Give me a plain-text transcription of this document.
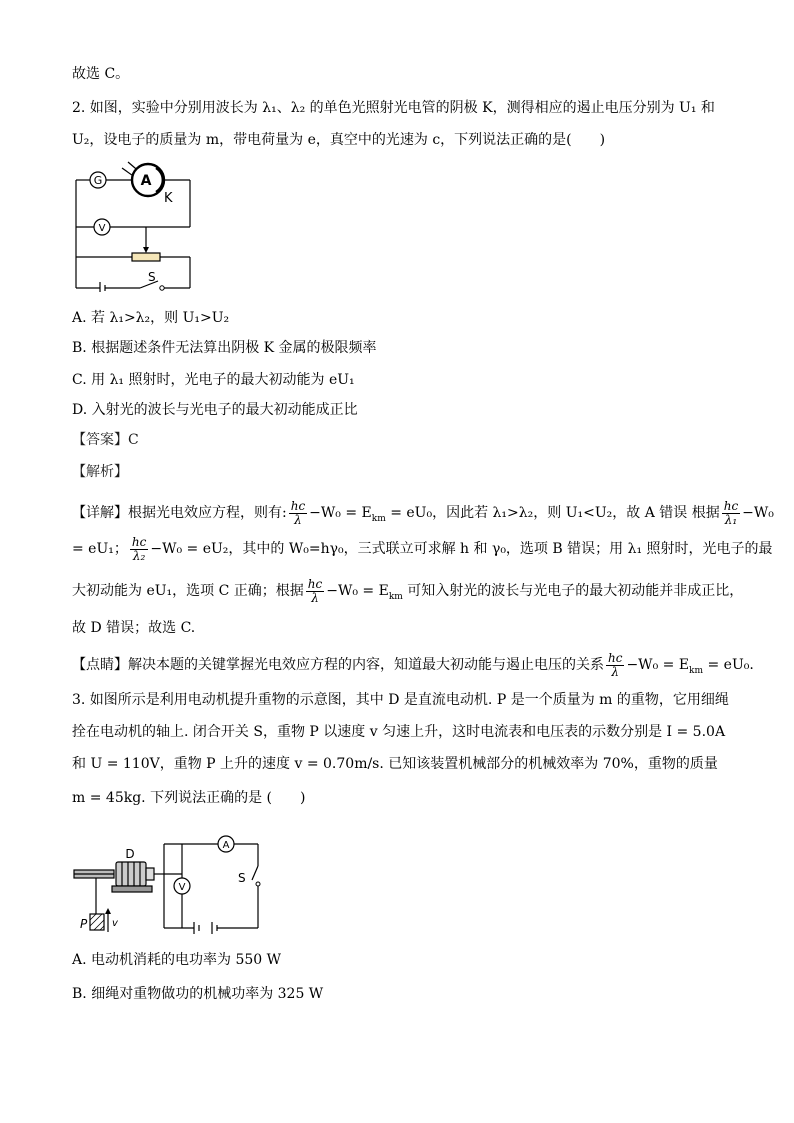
故选 C。
2. 如图，实验中分别用波长为 λ₁、λ₂ 的单色光照射光电管的阴极 K，测得相应的遏止电压分别为 U₁ 和
U₂，设电子的质量为 m，带电荷量为 e，真空中的光速为 c，下列说法正确的是(　　)
G
V
A
K
S
A. 若 λ₁>λ₂，则 U₁>U₂
B. 根据题述条件无法算出阴极 K 金属的极限频率
C. 用 λ₁ 照射时，光电子的最大初动能为 eU₁
D. 入射光的波长与光电子的最大初动能成正比
【答案】C
【解析】
【详解】根据光电效应方程，则有: $\frac{hc}{\lambda} -W_0 = E_{km} = eU_0$，因此若 λ₁>λ₂，则 U₁<U₂，故 A 错误 根据 $\frac{hc}{\text{λ₁}} -W_0$
= eU₁； $\frac{hc}{\text{λ₂}} -W_0 = eU_2$，其中的 W₀=hγ₀，三式联立可求解 h 和 γ₀，选项 B 错误；用 λ₁ 照射时，光电子的最
大初动能为 eU₁，选项 C 正确；根据 $\frac{hc}{\lambda} -W_0 = E_{km}$ 可知入射光的波长与光电子的最大初动能并非成正比，
故 D 错误；故选 C.
【点睛】解决本题的关键掌握光电效应方程的内容，知道最大初动能与遏止电压的关系 $\frac{hc}{\lambda} -W_0 = E_{km} = eU_0$.
3. 如图所示是利用电动机提升重物的示意图，其中 D 是直流电动机. P 是一个质量为 m 的重物，它用细绳
拴在电动机的轴上. 闭合开关 S，重物 P 以速度 v 匀速上升，这时电流表和电压表的示数分别是 I = 5.0A
和 U = 110V，重物 P 上升的速度 v = 0.70m/s. 已知该装置机械部分的机械效率为 70%，重物的质量
m = 45kg. 下列说法正确的是 (　　)
A
V
D
S
P v
A. 电动机消耗的电功率为 550 W
B. 细绳对重物做功的机械功率为 325 W
